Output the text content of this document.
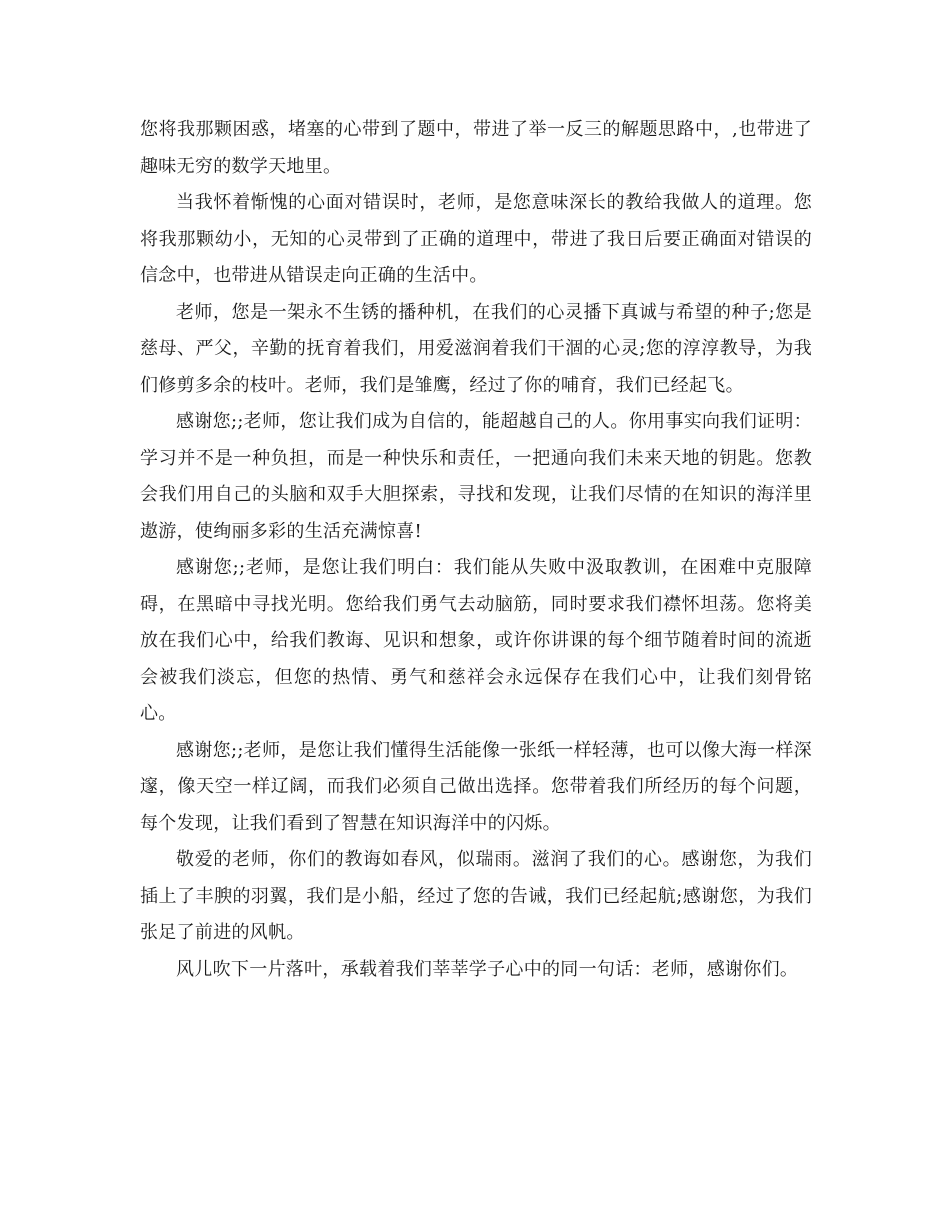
您将我那颗困惑，堵塞的心带到了题中，带进了举一反三的解题思路中，,也带进了趣味无穷的数学天地里。

当我怀着惭愧的心面对错误时，老师，是您意味深长的教给我做人的道理。您将我那颗幼小，无知的心灵带到了正确的道理中，带进了我日后要正确面对错误的信念中，也带进从错误走向正确的生活中。

老师，您是一架永不生锈的播种机，在我们的心灵播下真诚与希望的种子;您是慈母、严父，辛勤的抚育着我们，用爱滋润着我们干涸的心灵;您的淳淳教导，为我们修剪多余的枝叶。老师，我们是雏鹰，经过了你的哺育，我们已经起飞。

感谢您;;老师，您让我们成为自信的，能超越自己的人。你用事实向我们证明：学习并不是一种负担，而是一种快乐和责任，一把通向我们未来天地的钥匙。您教会我们用自己的头脑和双手大胆探索，寻找和发现，让我们尽情的在知识的海洋里遨游，使绚丽多彩的生活充满惊喜!

感谢您;;老师，是您让我们明白：我们能从失败中汲取教训，在困难中克服障碍，在黑暗中寻找光明。您给我们勇气去动脑筋，同时要求我们襟怀坦荡。您将美放在我们心中，给我们教诲、见识和想象，或许你讲课的每个细节随着时间的流逝会被我们淡忘，但您的热情、勇气和慈祥会永远保存在我们心中，让我们刻骨铭心。

感谢您;;老师，是您让我们懂得生活能像一张纸一样轻薄，也可以像大海一样深邃，像天空一样辽阔，而我们必须自己做出选择。您带着我们所经历的每个问题，每个发现，让我们看到了智慧在知识海洋中的闪烁。

敬爱的老师，你们的教诲如春风，似瑞雨。滋润了我们的心。感谢您，为我们插上了丰腴的羽翼，我们是小船，经过了您的告诫，我们已经起航;感谢您，为我们张足了前进的风帆。

风儿吹下一片落叶，承载着我们莘莘学子心中的同一句话：老师，感谢你们。
